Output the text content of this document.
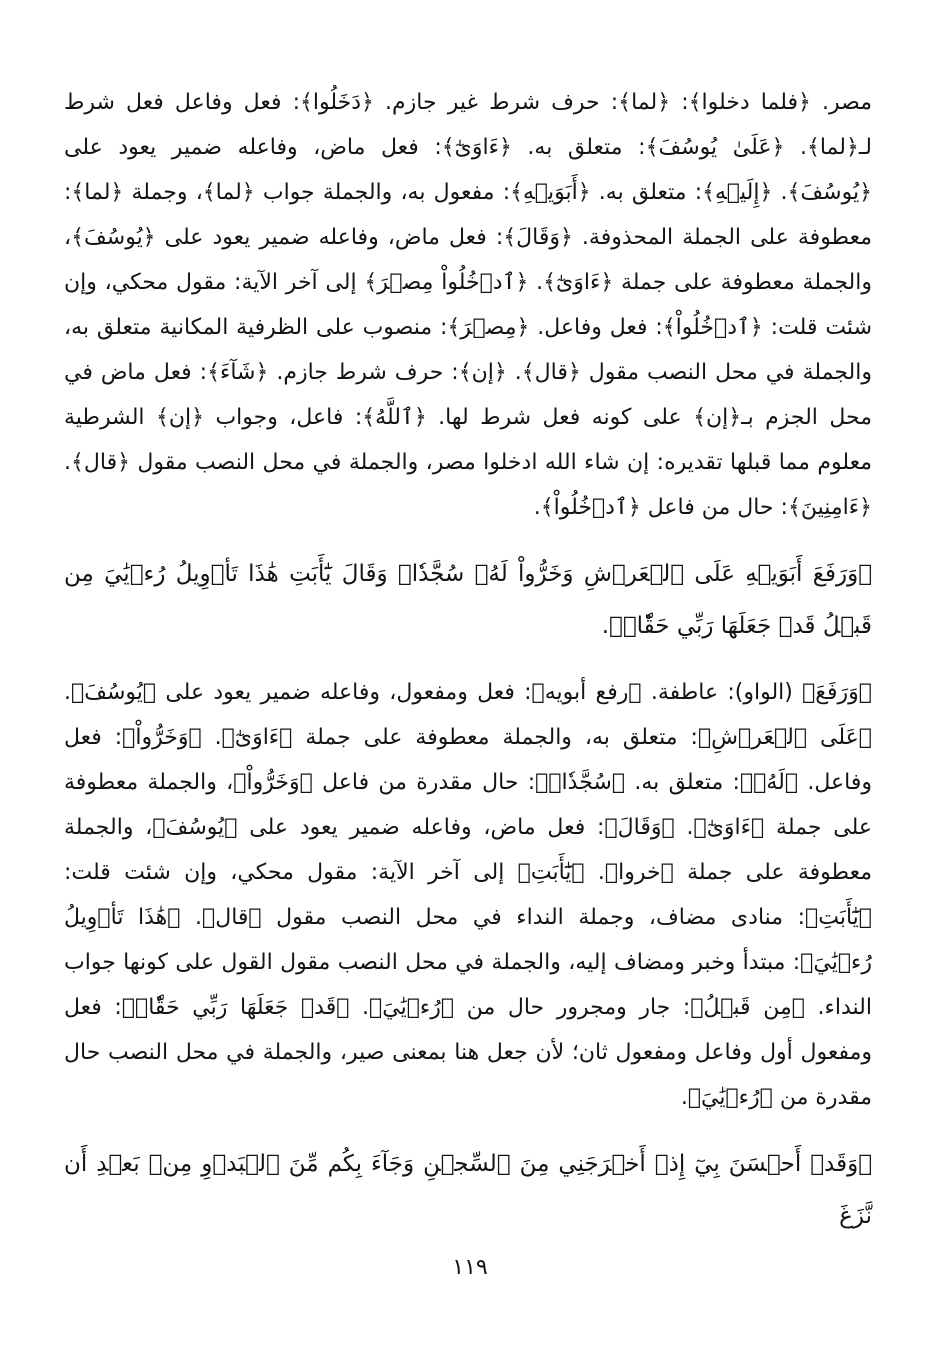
مصر. ﴿فلما دخلوا﴾: ﴿لما﴾: حرف شرط غير جازم. ﴿دَخَلُوا﴾: فعل وفاعل فعل شرط لـ﴿لما﴾. ﴿عَلَىٰ يُوسُفَ﴾: متعلق به. ﴿ءَاوَىٰٓ﴾: فعل ماض، وفاعله ضمير يعود على ﴿يُوسُفَ﴾. ﴿إِلَيۡهِ﴾: متعلق به. ﴿أَبَوَيۡهِ﴾: مفعول به، والجملة جواب ﴿لما﴾، وجملة ﴿لما﴾: معطوفة على الجملة المحذوفة. ﴿وَقَالَ﴾: فعل ماض، وفاعله ضمير يعود على ﴿يُوسُفَ﴾، والجملة معطوفة على جملة ﴿ءَاوَىٰٓ﴾. ﴿ٱدۡخُلُواْ مِصۡرَ﴾ إلى آخر الآية: مقول محكي، وإن شئت قلت: ﴿ٱدۡخُلُواْ﴾: فعل وفاعل. ﴿مِصۡرَ﴾: منصوب على الظرفية المكانية متعلق به، والجملة في محل النصب مقول ﴿قال﴾. ﴿إن﴾: حرف شرط جازم. ﴿شَآءَ﴾: فعل ماض في محل الجزم بـ﴿إن﴾ على كونه فعل شرط لها. ﴿ٱللَّهُ﴾: فاعل، وجواب ﴿إن﴾ الشرطية معلوم مما قبلها تقديره: إن شاء الله ادخلوا مصر، والجملة في محل النصب مقول ﴿قال﴾. ﴿ءَامِنِينَ﴾: حال من فاعل ﴿ٱدۡخُلُواْ﴾.

﴿وَرَفَعَ أَبَوَيۡهِ عَلَى ٱلۡعَرۡشِ وَخَرُّواْ لَهُۥ سُجَّدٗاۖ وَقَالَ يَٰٓأَبَتِ هَٰذَا تَأۡوِيلُ رُءۡيَٰيَ مِن قَبۡلُ قَدۡ جَعَلَهَا رَبِّي حَقّٗاۖ﴾.

﴿وَرَفَعَ﴾ (الواو): عاطفة. ﴿رفع أبويه﴾: فعل ومفعول، وفاعله ضمير يعود على ﴿يُوسُفَ﴾. ﴿عَلَى ٱلۡعَرۡشِ﴾: متعلق به، والجملة معطوفة على جملة ﴿ءَاوَىٰٓ﴾. ﴿وَخَرُّواْ﴾: فعل وفاعل. ﴿لَهُۥ﴾: متعلق به. ﴿سُجَّدٗاۖ﴾: حال مقدرة من فاعل ﴿وَخَرُّواْ﴾، والجملة معطوفة على جملة ﴿ءَاوَىٰٓ﴾. ﴿وَقَالَ﴾: فعل ماض، وفاعله ضمير يعود على ﴿يُوسُفَ﴾، والجملة معطوفة على جملة ﴿خروا﴾. ﴿يَٰٓأَبَتِ﴾ إلى آخر الآية: مقول محكي، وإن شئت قلت: ﴿يَٰٓأَبَتِ﴾: منادى مضاف، وجملة النداء في محل النصب مقول ﴿قال﴾. ﴿هَٰذَا تَأۡوِيلُ رُءۡيَٰيَ﴾: مبتدأ وخبر ومضاف إليه، والجملة في محل النصب مقول القول على كونها جواب النداء. ﴿مِن قَبۡلُ﴾: جار ومجرور حال من ﴿رُءۡيَٰيَ﴾. ﴿قَدۡ جَعَلَهَا رَبِّي حَقّٗاۖ﴾: فعل ومفعول أول وفاعل ومفعول ثان؛ لأن جعل هنا بمعنى صير، والجملة في محل النصب حال مقدرة من ﴿رُءۡيَٰيَ﴾.

﴿وَقَدۡ أَحۡسَنَ بِيٓ إِذۡ أَخۡرَجَنِي مِنَ ٱلسِّجۡنِ وَجَآءَ بِكُم مِّنَ ٱلۡبَدۡوِ مِنۢ بَعۡدِ أَن نَّزَغَ

١١٩
